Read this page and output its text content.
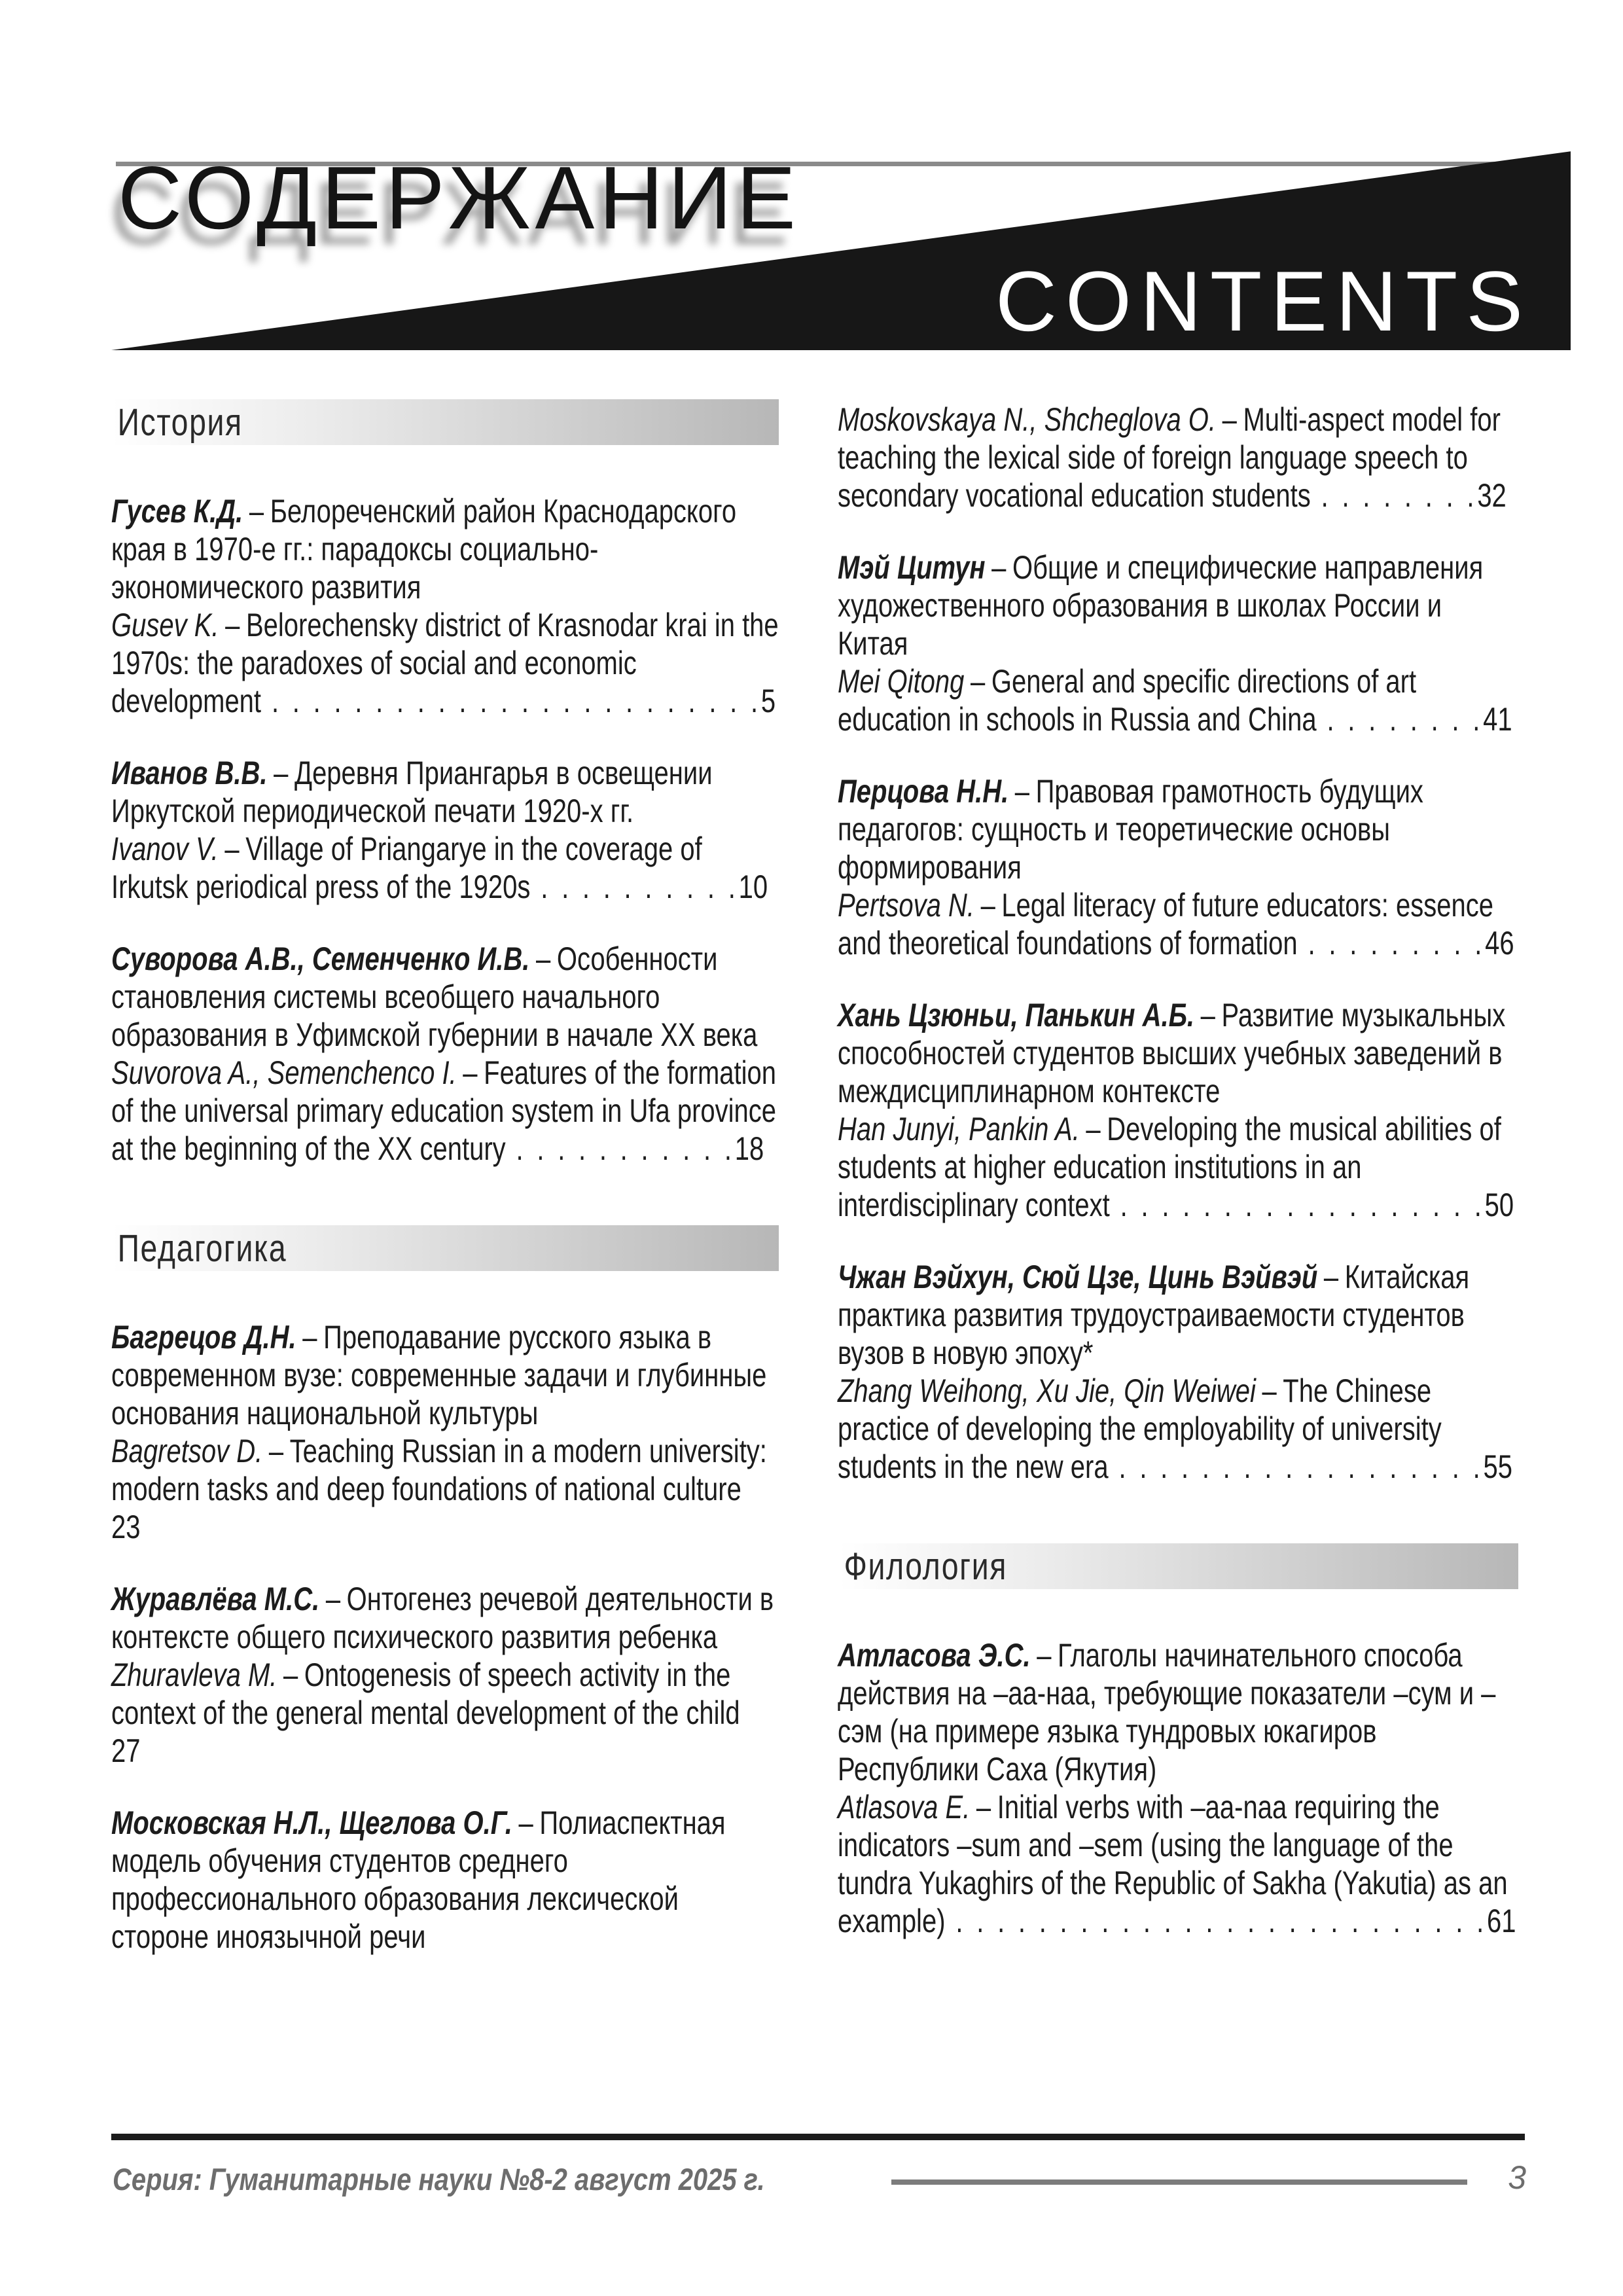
СОДЕРЖАНИЕ
CONTENTS
История
Гусев К.Д. – Белореченский район Краснодарского края в 1970-е гг.: парадоксы социально-экономического развития
Gusev K. – Belorechensky district of Krasnodar krai in the 1970s: the paradoxes of social and economic development . . . . . . . . . . . . . . . . . . . . . . . .5
Иванов В.В. – Деревня Приангарья в освещении Иркутской периодической печати 1920-х гг.
Ivanov V. – Village of Priangarye in the coverage of Irkutsk periodical press of the 1920s . . . . . . . . . .10
Суворова А.В., Семенченко И.В. – Особенности становления системы всеобщего начального образования в Уфимской губернии в начале XX века
Suvorova A., Semenchenco I. – Features of the formation of the universal primary education system in Ufa province at the beginning of the XX century . . . . . . . . . . .18
Педагогика
Багрецов Д.Н. – Преподавание русского языка в современном вузе: современные задачи и глубинные основания национальной культуры
Bagretsov D. – Teaching Russian in a modern university: modern tasks and deep foundations of national culture 23
Журавлёва М.С. – Онтогенез речевой деятельности в контексте общего психического развития ребенка
Zhuravleva M. – Ontogenesis of speech activity in the context of the general mental development of the child 27
Московская Н.Л., Щеглова О.Г. – Полиаспектная модель обучения студентов среднего профессионального образования лексической стороне иноязычной речи
Moskovskaya N., Shcheglova O. – Multi-aspect model for teaching the lexical side of foreign language speech to secondary vocational education students . . . . . . . .32
Мэй Цитун – Общие и специфические направления художественного образования в школах России и Китая
Mei Qitong – General and specific directions of art education in schools in Russia and China . . . . . . . .41
Перцова Н.Н. – Правовая грамотность будущих педагогов: сущность и теоретические основы формирования
Pertsova N. – Legal literacy of future educators: essence and theoretical foundations of formation . . . . . . . . .46
Хань Цзюньи, Панькин А.Б. – Развитие музыкальных способностей студентов высших учебных заведений в междисциплинарном контексте
Han Junyi, Pankin A. – Developing the musical abilities of students at higher education institutions in an interdisciplinary context . . . . . . . . . . . . . . . . . .50
Чжан Вэйхун, Сюй Цзе, Цинь Вэйвэй – Китайская практика развития трудоустраиваемости студентов вузов в новую эпоху*
Zhang Weihong, Xu Jie, Qin Weiwei – The Chinese practice of developing the employability of university students in the new era . . . . . . . . . . . . . . . . . .55
Филология
Атласова Э.С. – Глаголы начинательного способа действия на –аа-наа, требующие показатели –сум и –сэм (на примере языка тундровых юкагиров Республики Саха (Якутия)
Atlasova E. – Initial verbs with –aa-naa requiring the indicators –sum and –sem (using the language of the tundra Yukaghirs of the Republic of Sakha (Yakutia) as an example) . . . . . . . . . . . . . . . . . . . . . . . . . .61
Серия: Гуманитарные науки №8-2 август 2025 г.	3
